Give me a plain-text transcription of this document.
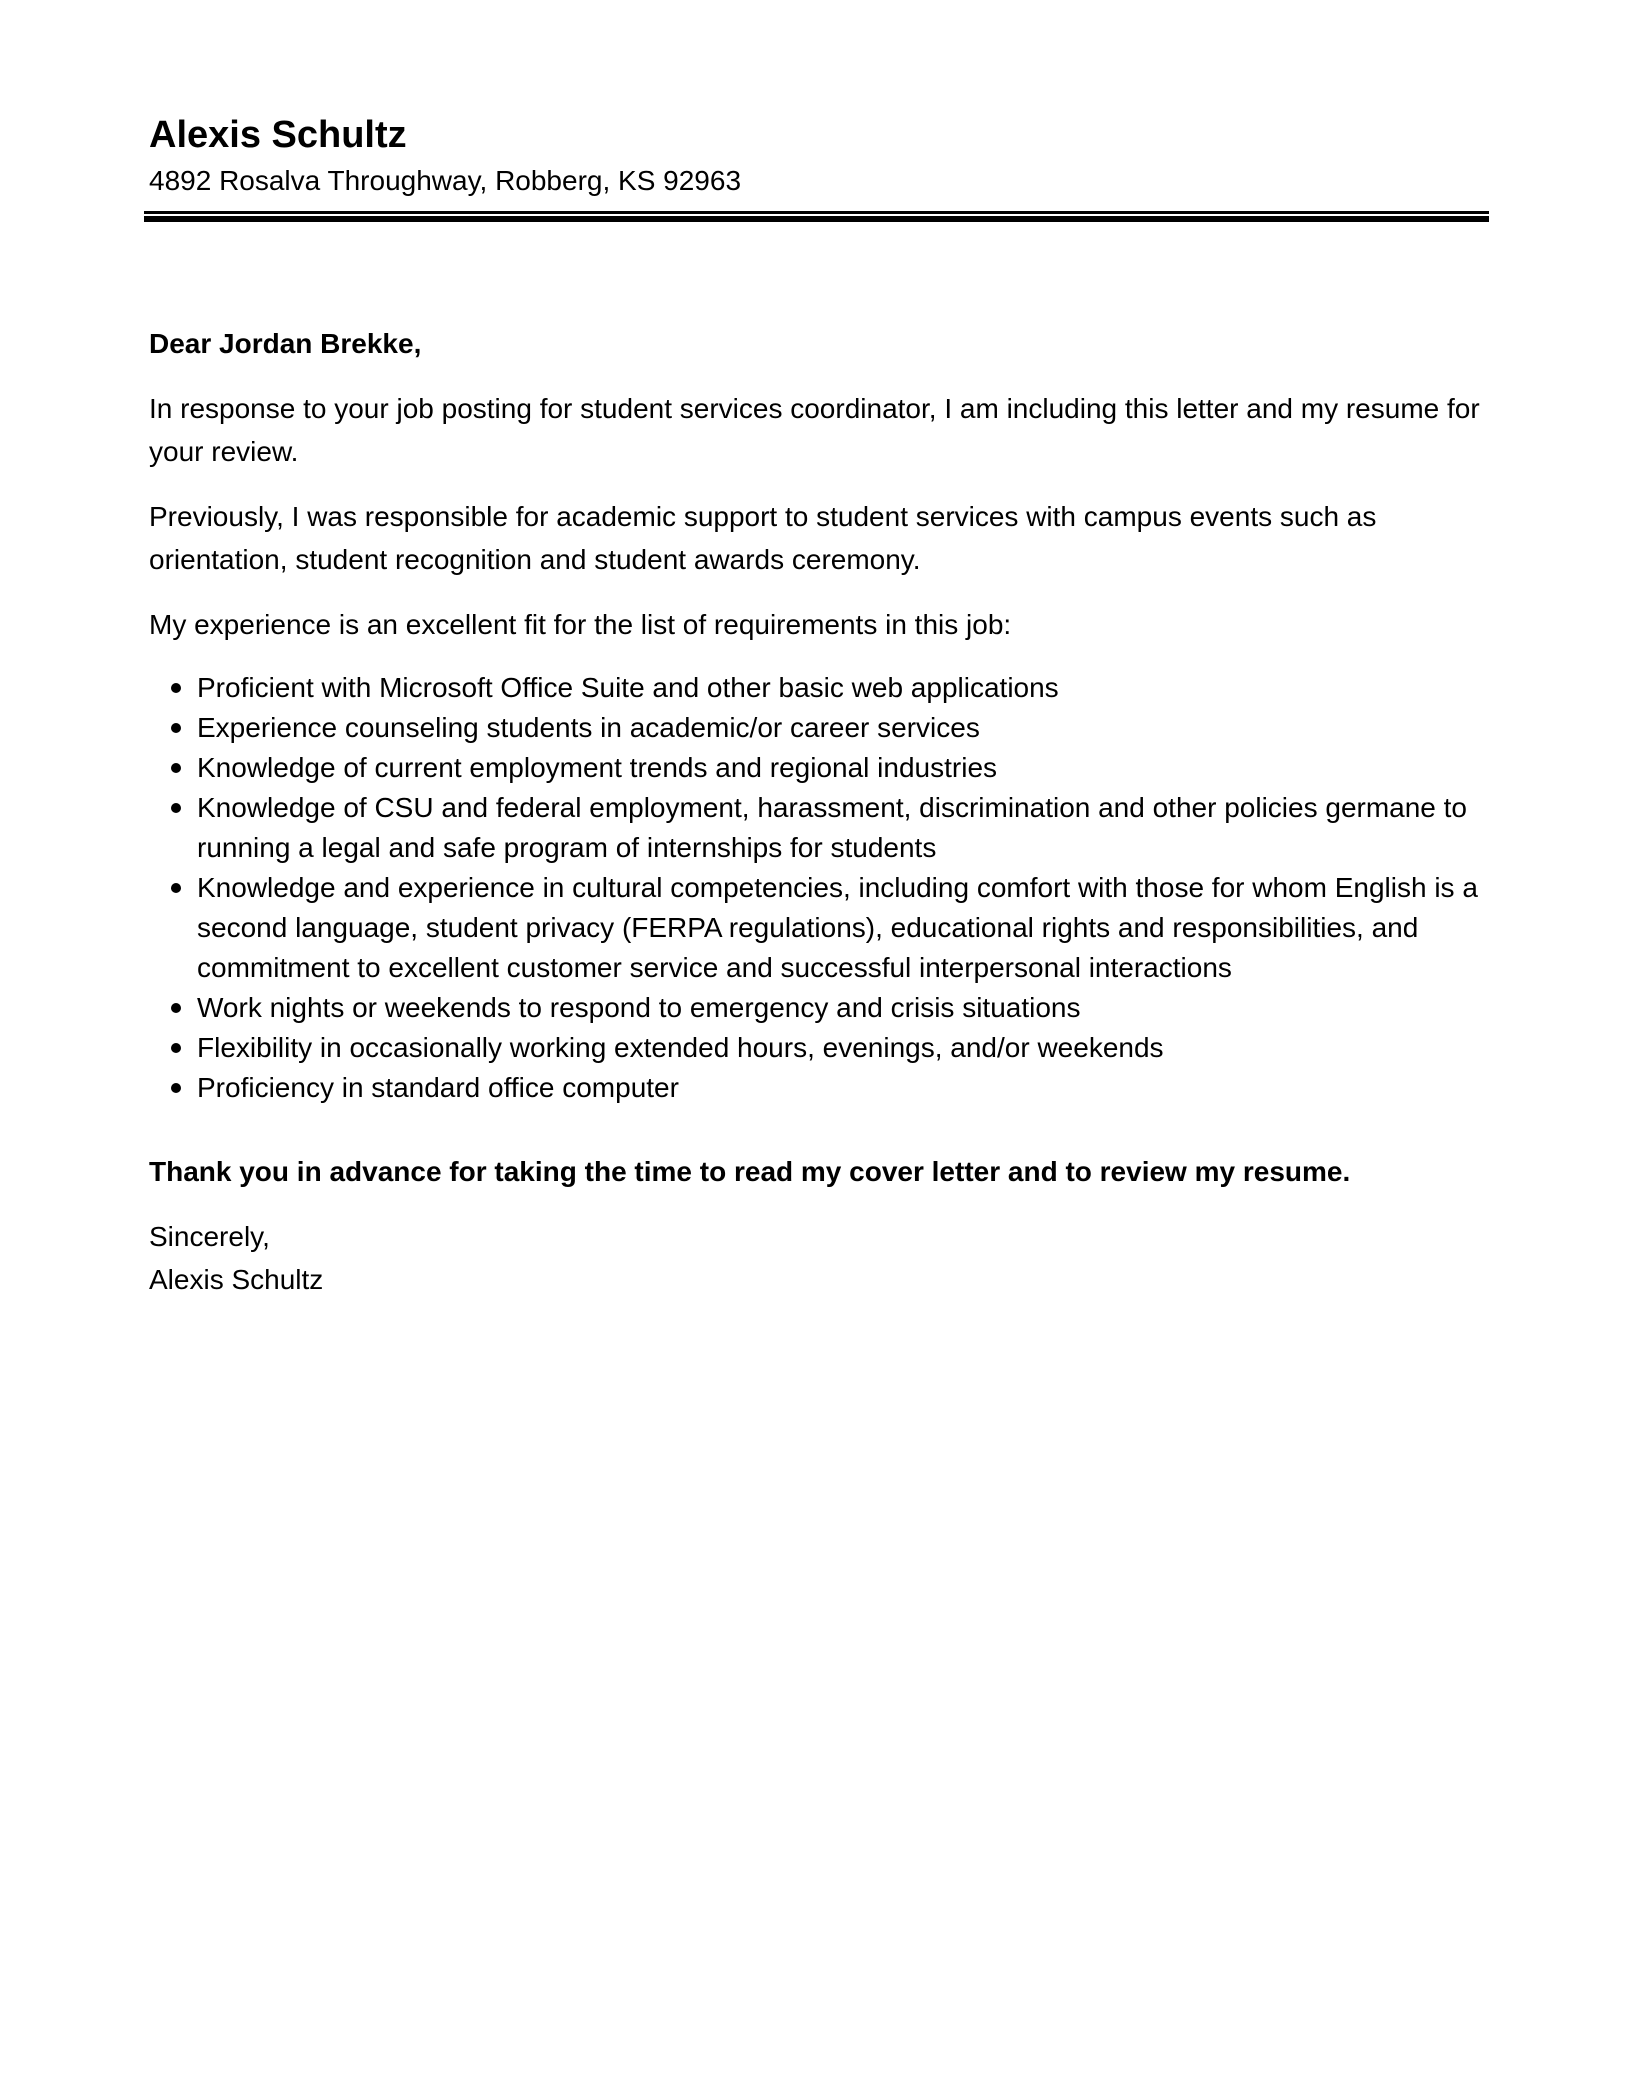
Alexis Schultz
4892 Rosalva Throughway, Robberg, KS 92963

Dear Jordan Brekke,

In response to your job posting for student services coordinator, I am including this letter and my resume for your review.

Previously, I was responsible for academic support to student services with campus events such as orientation, student recognition and student awards ceremony.

My experience is an excellent fit for the list of requirements in this job:

Proficient with Microsoft Office Suite and other basic web applications
Experience counseling students in academic/or career services
Knowledge of current employment trends and regional industries
Knowledge of CSU and federal employment, harassment, discrimination and other policies germane to running a legal and safe program of internships for students
Knowledge and experience in cultural competencies, including comfort with those for whom English is a second language, student privacy (FERPA regulations), educational rights and responsibilities, and commitment to excellent customer service and successful interpersonal interactions
Work nights or weekends to respond to emergency and crisis situations
Flexibility in occasionally working extended hours, evenings, and/or weekends
Proficiency in standard office computer

Thank you in advance for taking the time to read my cover letter and to review my resume.

Sincerely,

Alexis Schultz
